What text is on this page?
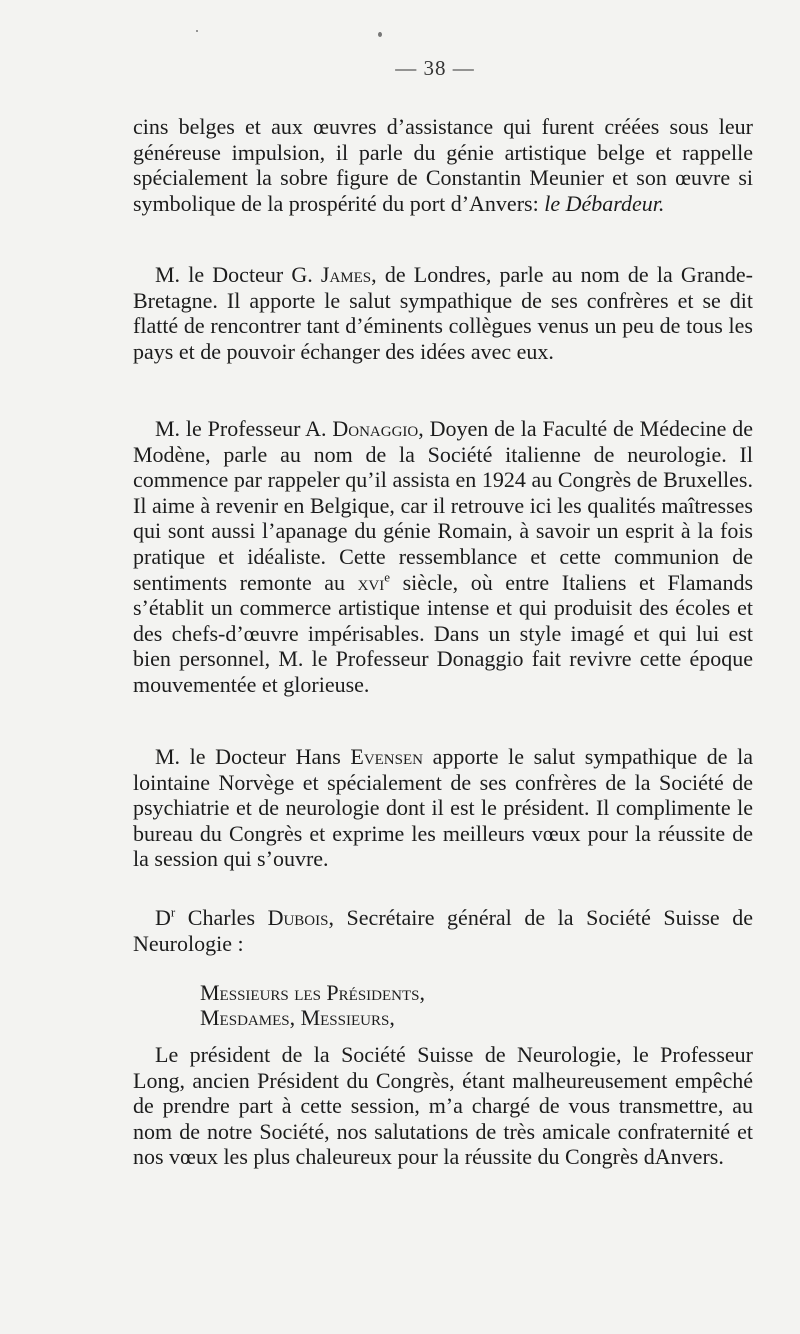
— 38 —

cins belges et aux œuvres d’assistance qui furent créées sous leur généreuse impulsion, il parle du génie artistique belge et rappelle spécialement la sobre figure de Constantin Meunier et son œuvre si symbolique de la prospérité du port d’Anvers: le Débardeur.

M. le Docteur G. James, de Londres, parle au nom de la Grande-Bretagne. Il apporte le salut sympathique de ses confrères et se dit flatté de rencontrer tant d’éminents collègues venus un peu de tous les pays et de pouvoir échanger des idées avec eux.

M. le Professeur A. Donaggio, Doyen de la Faculté de Médecine de Modène, parle au nom de la Société italienne de neurologie. Il commence par rappeler qu’il assista en 1924 au Congrès de Bruxelles. Il aime à revenir en Belgique, car il retrouve ici les qualités maîtresses qui sont aussi l’apanage du génie Romain, à savoir un esprit à la fois pratique et idéaliste. Cette ressemblance et cette communion de sentiments remonte au xvi$^e$ siècle, où entre Italiens et Flamands s’établit un commerce artistique intense et qui produisit des écoles et des chefs-d’œuvre impérisables. Dans un style imagé et qui lui est bien personnel, M. le Professeur Donaggio fait revivre cette époque mouvementée et glorieuse.

M. le Docteur Hans Evensen apporte le salut sympathique de la lointaine Norvège et spécialement de ses confrères de la Société de psychiatrie et de neurologie dont il est le président. Il complimente le bureau du Congrès et exprime les meilleurs vœux pour la réussite de la session qui s’ouvre.

$D^r$ Charles Dubois, Secrétaire général de la Société Suisse de Neurologie :

Messieurs les Présidents,
Mesdames, Messieurs,

Le président de la Société Suisse de Neurologie, le Professeur Long, ancien Président du Congrès, étant malheureusement empêché de prendre part à cette session, m’a chargé de vous transmettre, au nom de notre Société, nos salutations de très amicale confraternité et nos vœux les plus chaleureux pour la réussite du Congrès dAnvers.
